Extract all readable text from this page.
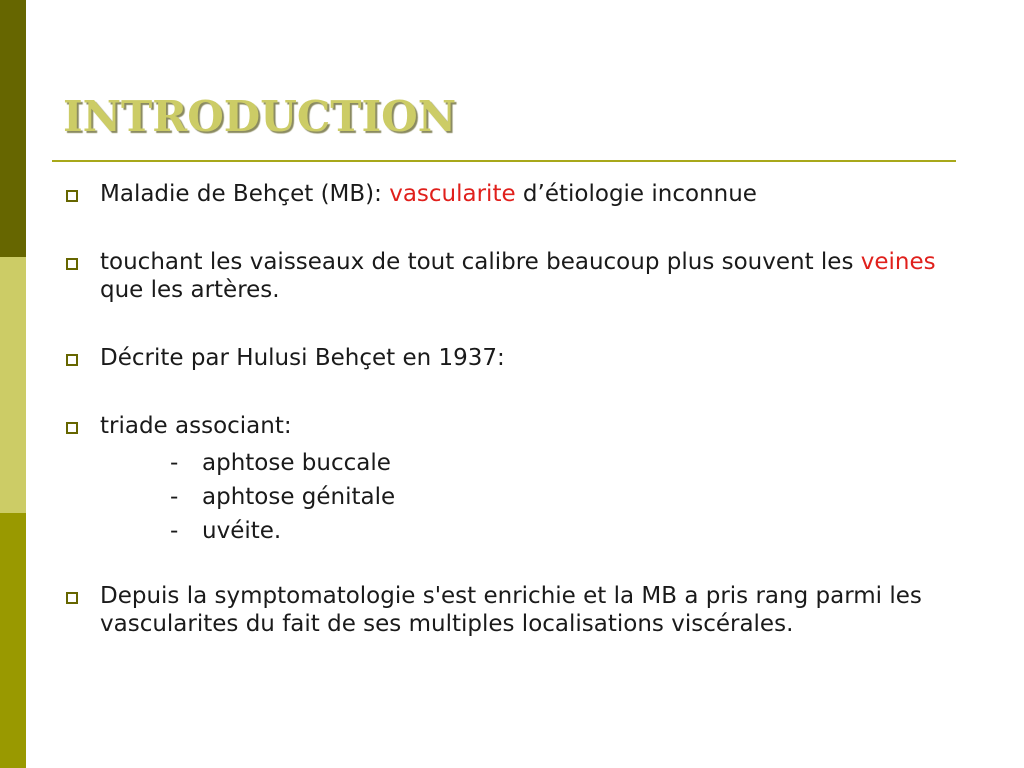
INTRODUCTION
Maladie de Behçet (MB): vascularite d’étiologie inconnue
touchant les vaisseaux de tout calibre beaucoup plus souvent les veines que les artères.
Décrite par Hulusi Behçet en 1937:
triade associant:
- aphtose buccale
- aphtose génitale
- uvéite.
Depuis la symptomatologie s'est enrichie et la MB a pris rang parmi les vascularites du fait de ses multiples localisations viscérales.
